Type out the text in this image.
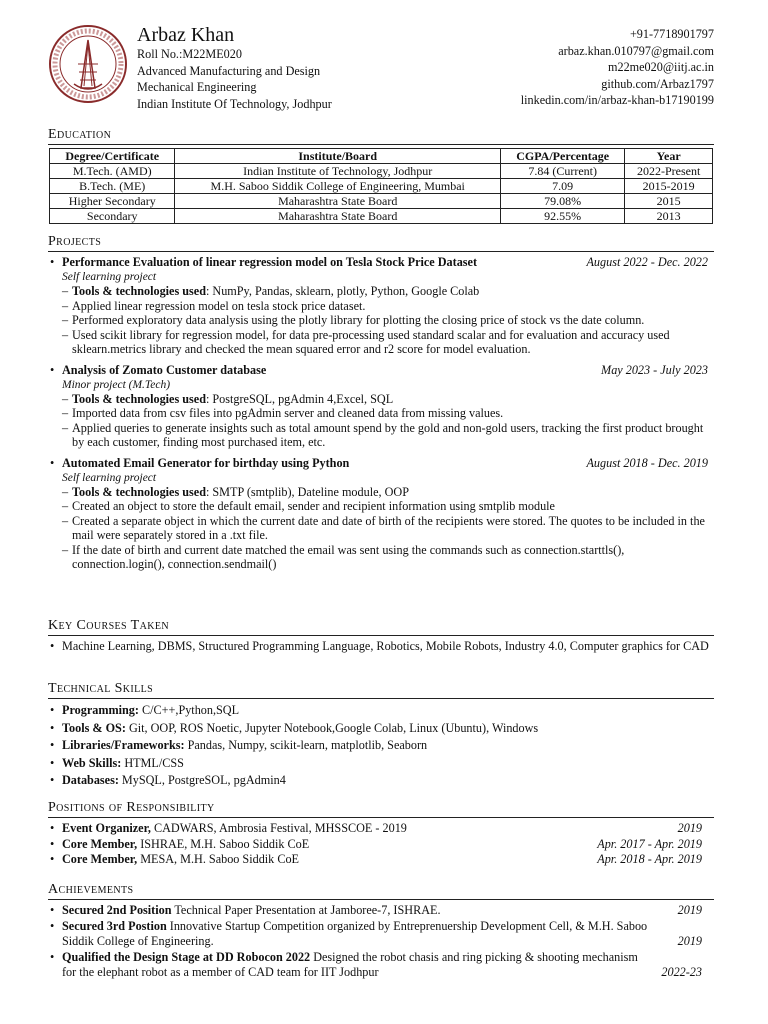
Arbaz Khan
Roll No.:M22ME020
Advanced Manufacturing and Design
Mechanical Engineering
Indian Institute Of Technology, Jodhpur
+91-7718901797
arbaz.khan.010797@gmail.com
m22me020@iitj.ac.in
github.com/Arbaz1797
linkedin.com/in/arbaz-khan-b17190199
Education
Degree/Certificate	Institute/Board	CGPA/Percentage	Year
M.Tech. (AMD)	Indian Institute of Technology, Jodhpur	7.84 (Current)	2022-Present
B.Tech. (ME)	M.H. Saboo Siddik College of Engineering, Mumbai	7.09	2015-2019
Higher Secondary	Maharashtra State Board	79.08%	2015
Secondary	Maharashtra State Board	92.55%	2013
Projects
• Performance Evaluation of linear regression model on Tesla Stock Price Dataset	August 2022 - Dec. 2022
Self learning project
– Tools & technologies used: NumPy, Pandas, sklearn, plotly, Python, Google Colab
– Applied linear regression model on tesla stock price dataset.
– Performed exploratory data analysis using the plotly library for plotting the closing price of stock vs the date column.
– Used scikit library for regression model, for data pre-processing used standard scalar and for evaluation and accuracy used sklearn.metrics library and checked the mean squared error and r2 score for model evaluation.
• Analysis of Zomato Customer database	May 2023 - July 2023
Minor project (M.Tech)
– Tools & technologies used: PostgreSQL, pgAdmin 4,Excel, SQL
– Imported data from csv files into pgAdmin server and cleaned data from missing values.
– Applied queries to generate insights such as total amount spend by the gold and non-gold users, tracking the first product brought by each customer, finding most purchased item, etc.
• Automated Email Generator for birthday using Python	August 2018 - Dec. 2019
Self learning project
– Tools & technologies used: SMTP (smtplib), Dateline module, OOP
– Created an object to store the default email, sender and recipient information using smtplib module
– Created a separate object in which the current date and date of birth of the recipients were stored. The quotes to be included in the mail were separately stored in a .txt file.
– If the date of birth and current date matched the email was sent using the commands such as connection.starttls(), connection.login(), connection.sendmail()
Key Courses Taken
• Machine Learning, DBMS, Structured Programming Language, Robotics, Mobile Robots, Industry 4.0, Computer graphics for CAD
Technical Skills
• Programming: C/C++,Python,SQL
• Tools & OS: Git, OOP, ROS Noetic, Jupyter Notebook,Google Colab, Linux (Ubuntu), Windows
• Libraries/Frameworks: Pandas, Numpy, scikit-learn, matplotlib, Seaborn
• Web Skills: HTML/CSS
• Databases: MySQL, PostgreSOL, pgAdmin4
Positions of Responsibility
• Event Organizer, CADWARS, Ambrosia Festival, MHSSCOE - 2019	2019
• Core Member, ISHRAE, M.H. Saboo Siddik CoE	Apr. 2017 - Apr. 2019
• Core Member, MESA, M.H. Saboo Siddik CoE	Apr. 2018 - Apr. 2019
Achievements
• Secured 2nd Position Technical Paper Presentation at Jamboree-7, ISHRAE.	2019
• Secured 3rd Postion Innovative Startup Competition organized by Entreprenuership Development Cell, & M.H. Saboo Siddik College of Engineering.	2019
• Qualified the Design Stage at DD Robocon 2022 Designed the robot chasis and ring picking & shooting mechanism for the elephant robot as a member of CAD team for IIT Jodhpur	2022-23
